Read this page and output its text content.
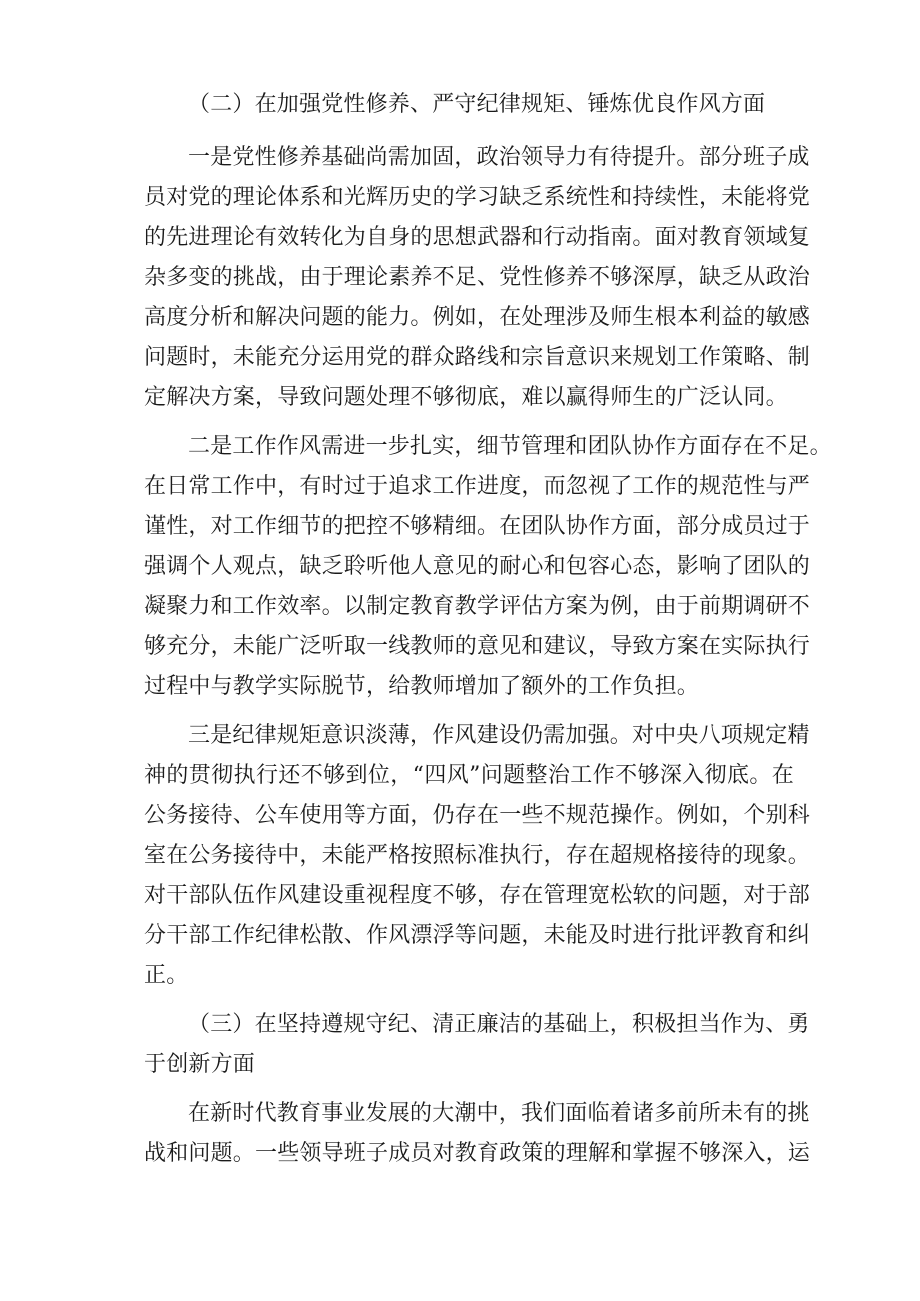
（二）在加强党性修养、严守纪律规矩、锤炼优良作风方面
一是党性修养基础尚需加固，政治领导力有待提升。部分班子成
员对党的理论体系和光辉历史的学习缺乏系统性和持续性，未能将党
的先进理论有效转化为自身的思想武器和行动指南。面对教育领域复
杂多变的挑战，由于理论素养不足、党性修养不够深厚，缺乏从政治
高度分析和解决问题的能力。例如，在处理涉及师生根本利益的敏感
问题时，未能充分运用党的群众路线和宗旨意识来规划工作策略、制
定解决方案，导致问题处理不够彻底，难以赢得师生的广泛认同。
二是工作作风需进一步扎实，细节管理和团队协作方面存在不足。
在日常工作中，有时过于追求工作进度，而忽视了工作的规范性与严
谨性，对工作细节的把控不够精细。在团队协作方面，部分成员过于
强调个人观点，缺乏聆听他人意见的耐心和包容心态，影响了团队的
凝聚力和工作效率。以制定教育教学评估方案为例，由于前期调研不
够充分，未能广泛听取一线教师的意见和建议，导致方案在实际执行
过程中与教学实际脱节，给教师增加了额外的工作负担。
三是纪律规矩意识淡薄，作风建设仍需加强。对中央八项规定精
神的贯彻执行还不够到位，“四风”问题整治工作不够深入彻底。在
公务接待、公车使用等方面，仍存在一些不规范操作。例如，个别科
室在公务接待中，未能严格按照标准执行，存在超规格接待的现象。
对干部队伍作风建设重视程度不够，存在管理宽松软的问题，对于部
分干部工作纪律松散、作风漂浮等问题，未能及时进行批评教育和纠
正。
（三）在坚持遵规守纪、清正廉洁的基础上，积极担当作为、勇
于创新方面
在新时代教育事业发展的大潮中，我们面临着诸多前所未有的挑
战和问题。一些领导班子成员对教育政策的理解和掌握不够深入，运
